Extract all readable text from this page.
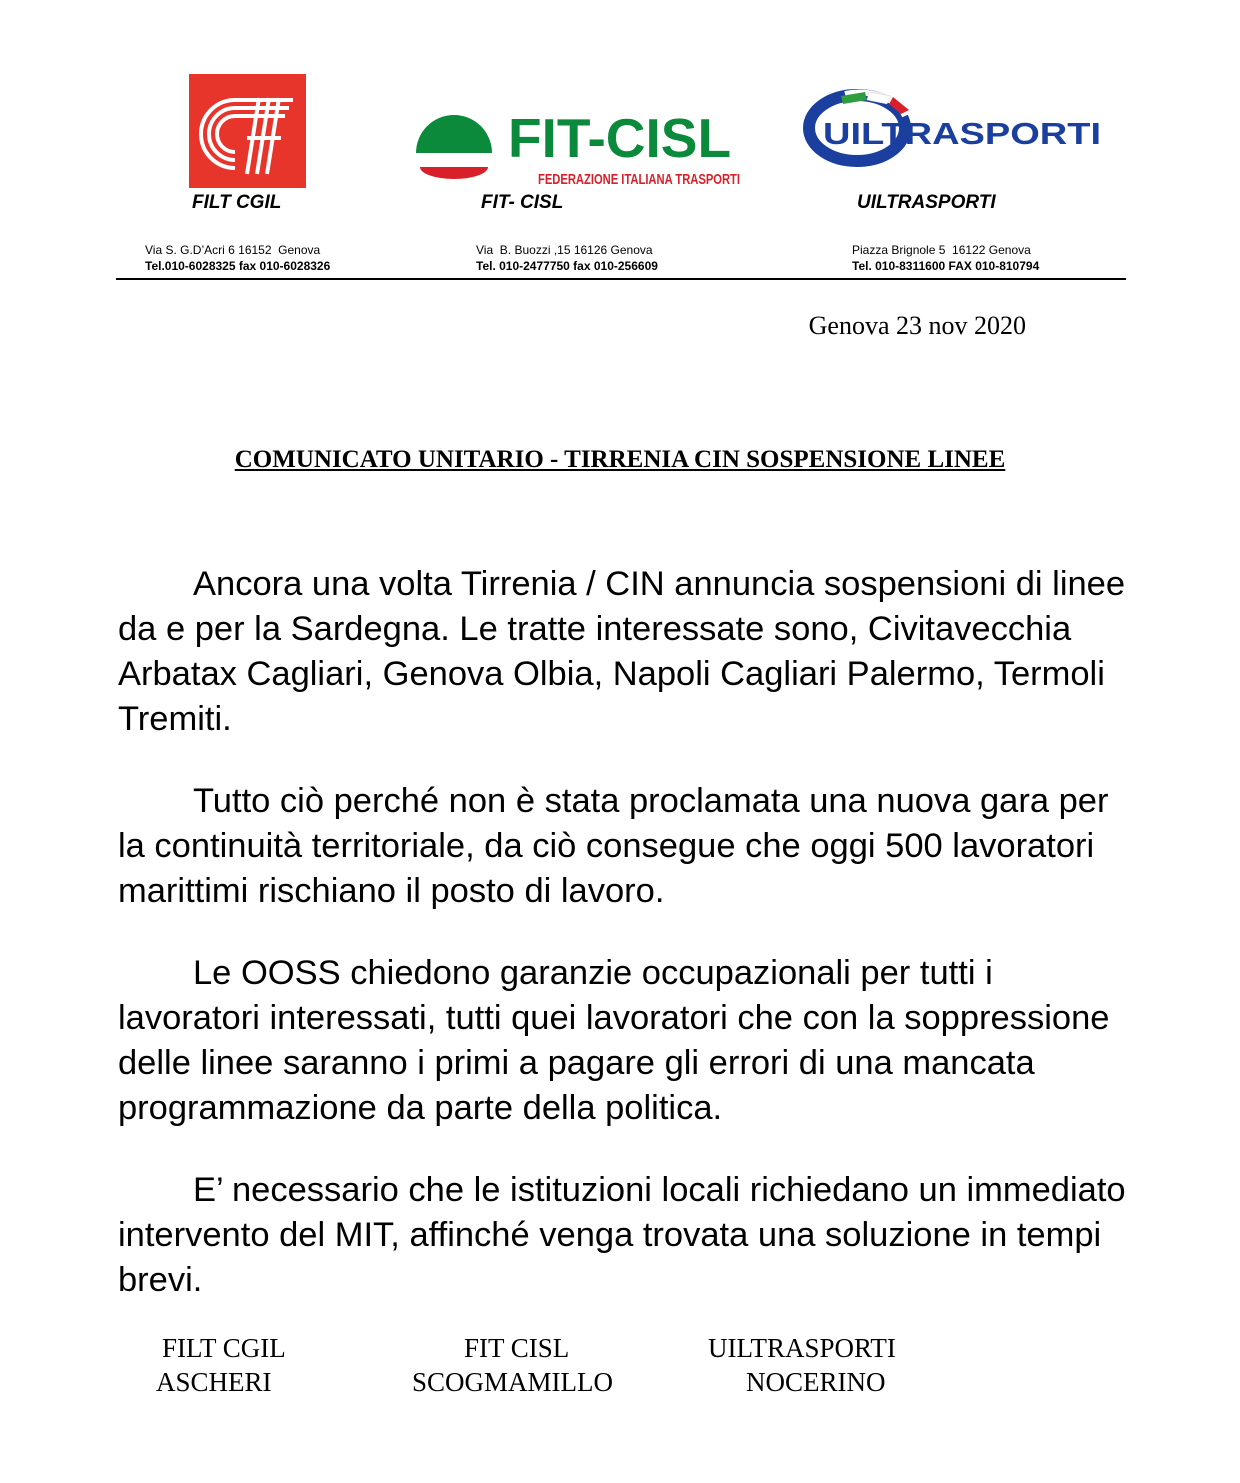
FIT-CISL
FEDERAZIONE ITALIANA TRASPORTI
UILTRASPORTI
FILT CGIL	FIT- CISL	UILTRASPORTI
Via S. G.D’Acri 6 16152  Genova
Tel.010-6028325 fax 010-6028326
Via  B. Buozzi ,15 16126 Genova
Tel. 010-2477750 fax 010-256609
Piazza Brignole 5  16122 Genova
Tel. 010-8311600 FAX 010-810794
Genova 23 nov 2020
COMUNICATO UNITARIO - TIRRENIA CIN SOSPENSIONE LINEE

Ancora una volta Tirrenia / CIN annuncia sospensioni di linee da e per la Sardegna. Le tratte interessate sono, Civitavecchia Arbatax Cagliari, Genova Olbia, Napoli Cagliari Palermo, Termoli Tremiti.

Tutto ciò perché non è stata proclamata una nuova gara per la continuità territoriale, da ciò consegue che oggi 500 lavoratori marittimi rischiano il posto di lavoro.

Le OOSS chiedono garanzie occupazionali per tutti i lavoratori interessati, tutti quei lavoratori che con la soppressione delle linee saranno i primi a pagare gli errori di una mancata programmazione da parte della politica.

E’ necessario che le istituzioni locali richiedano un immediato intervento del MIT, affinché venga trovata una soluzione in tempi brevi.

FILT CGIL
ASCHERI
FIT CISL
SCOGMAMILLO
UILTRASPORTI
NOCERINO
